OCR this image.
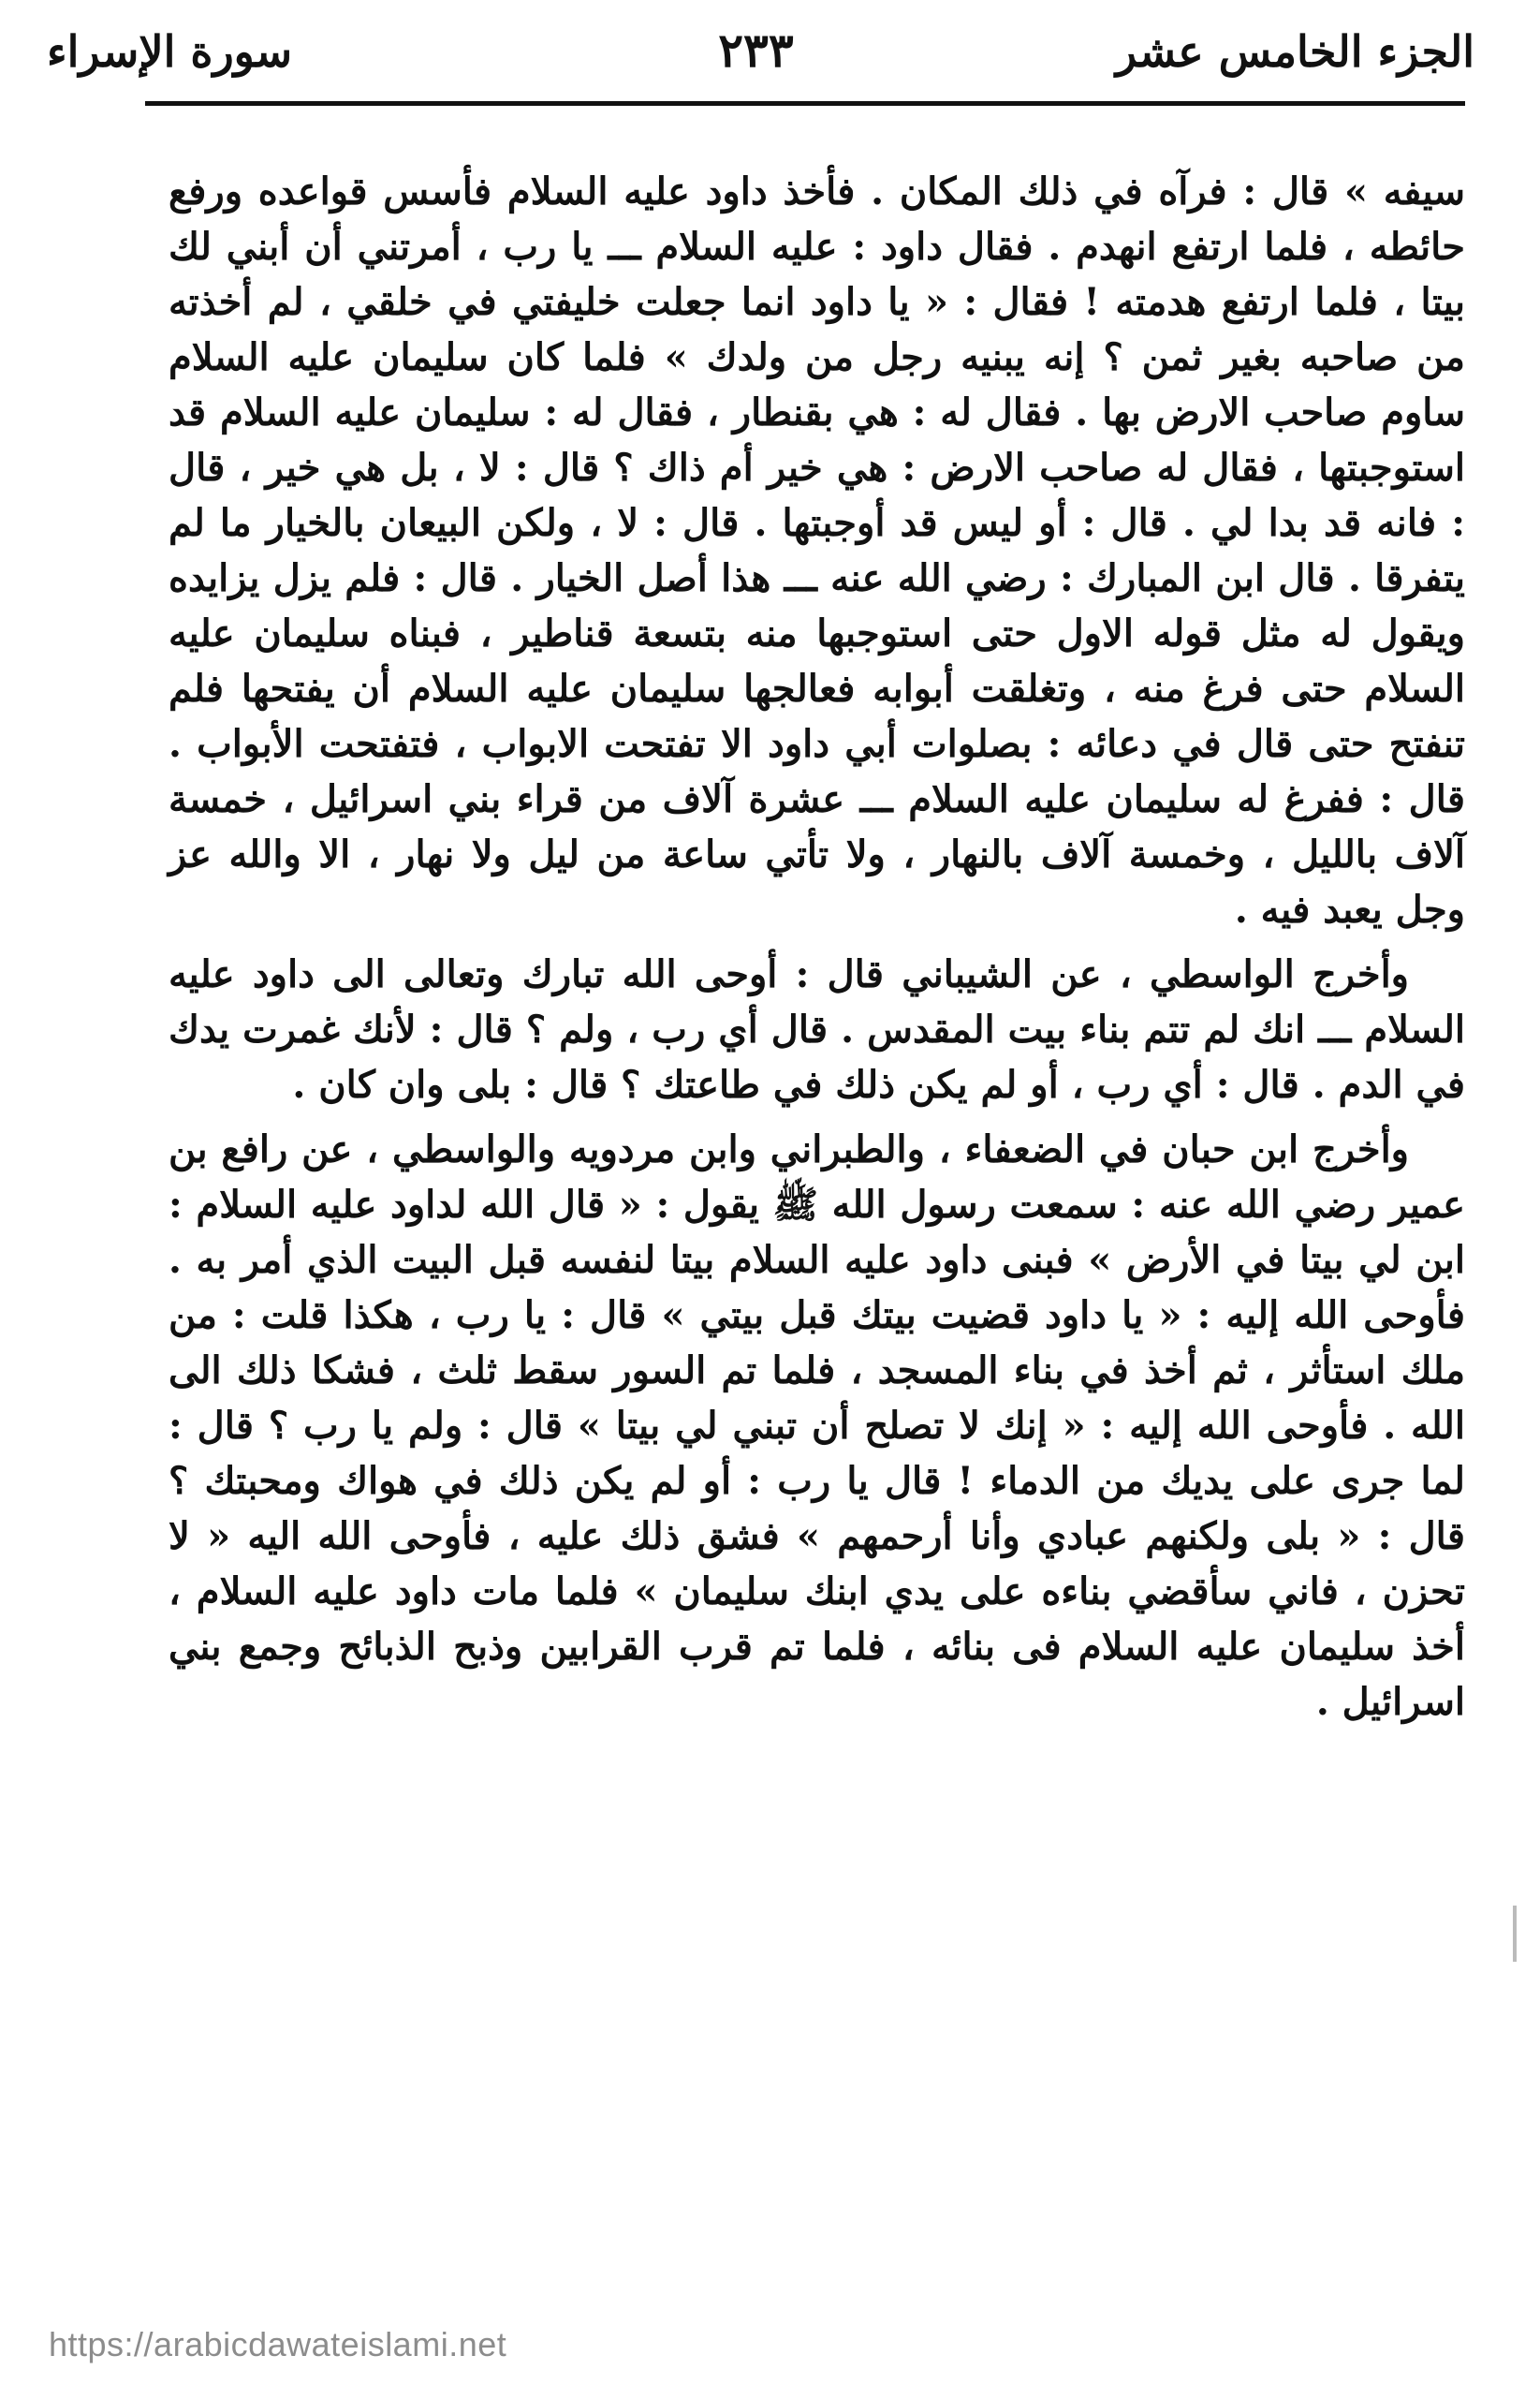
الجزء الخامس عشر
٢٣٣
سورة الإسراء

سيفه » قال : فرآه في ذلك المكان . فأخذ داود عليه السلام فأسس قواعده ورفع حائطه ، فلما ارتفع انهدم . فقال داود : عليه السلام ـــ يا رب ، أمرتني أن أبني لك بيتا ، فلما ارتفع هدمته ! فقال : « يا داود انما جعلت خليفتي في خلقي ، لم أخذته من صاحبه بغير ثمن ؟ إنه يبنيه رجل من ولدك » فلما كان سليمان عليه السلام ساوم صاحب الارض بها . فقال له : هي بقنطار ، فقال له : سليمان عليه السلام قد استوجبتها ، فقال له صاحب الارض : هي خير أم ذاك ؟ قال : لا ، بل هي خير ، قال : فانه قد بدا لي . قال : أو ليس قد أوجبتها . قال : لا ، ولكن البيعان بالخيار ما لم يتفرقا . قال ابن المبارك : رضي الله عنه ـــ هذا أصل الخيار . قال : فلم يزل يزايده ويقول له مثل قوله الاول حتى استوجبها منه بتسعة قناطير ، فبناه سليمان عليه السلام حتى فرغ منه ، وتغلقت أبوابه فعالجها سليمان عليه السلام أن يفتحها فلم تنفتح حتى قال في دعائه : بصلوات أبي داود الا تفتحت الابواب ، فتفتحت الأبواب . قال : ففرغ له سليمان عليه السلام ـــ عشرة آلاف من قراء بني اسرائيل ، خمسة آلاف بالليل ، وخمسة آلاف بالنهار ، ولا تأتي ساعة من ليل ولا نهار ، الا والله عز وجل يعبد فيه .

وأخرج الواسطي ، عن الشيباني قال : أوحى الله تبارك وتعالى الى داود عليه السلام ـــ انك لم تتم بناء بيت المقدس . قال أي رب ، ولم ؟ قال : لأنك غمرت يدك في الدم . قال : أي رب ، أو لم يكن ذلك في طاعتك ؟ قال : بلى وان كان .

وأخرج ابن حبان في الضعفاء ، والطبراني وابن مردويه والواسطي ، عن رافع بن عمير رضي الله عنه : سمعت رسول الله ﷺ يقول : « قال الله لداود عليه السلام : ابن لي بيتا في الأرض » فبنى داود عليه السلام بيتا لنفسه قبل البيت الذي أمر به . فأوحى الله إليه : « يا داود قضيت بيتك قبل بيتي » قال : يا رب ، هكذا قلت : من ملك استأثر ، ثم أخذ في بناء المسجد ، فلما تم السور سقط ثلث ، فشكا ذلك الى الله . فأوحى الله إليه : « إنك لا تصلح أن تبني لي بيتا » قال : ولم يا رب ؟ قال : لما جرى على يديك من الدماء ! قال يا رب : أو لم يكن ذلك في هواك ومحبتك ؟ قال : « بلى ولكنهم عبادي وأنا أرحمهم » فشق ذلك عليه ، فأوحى الله اليه « لا تحزن ، فاني سأقضي بناءه على يدي ابنك سليمان » فلما مات داود عليه السلام ، أخذ سليمان عليه السلام فى بنائه ، فلما تم قرب القرابين وذبح الذبائح وجمع بني اسرائيل .

https://arabicdawateislami.net
